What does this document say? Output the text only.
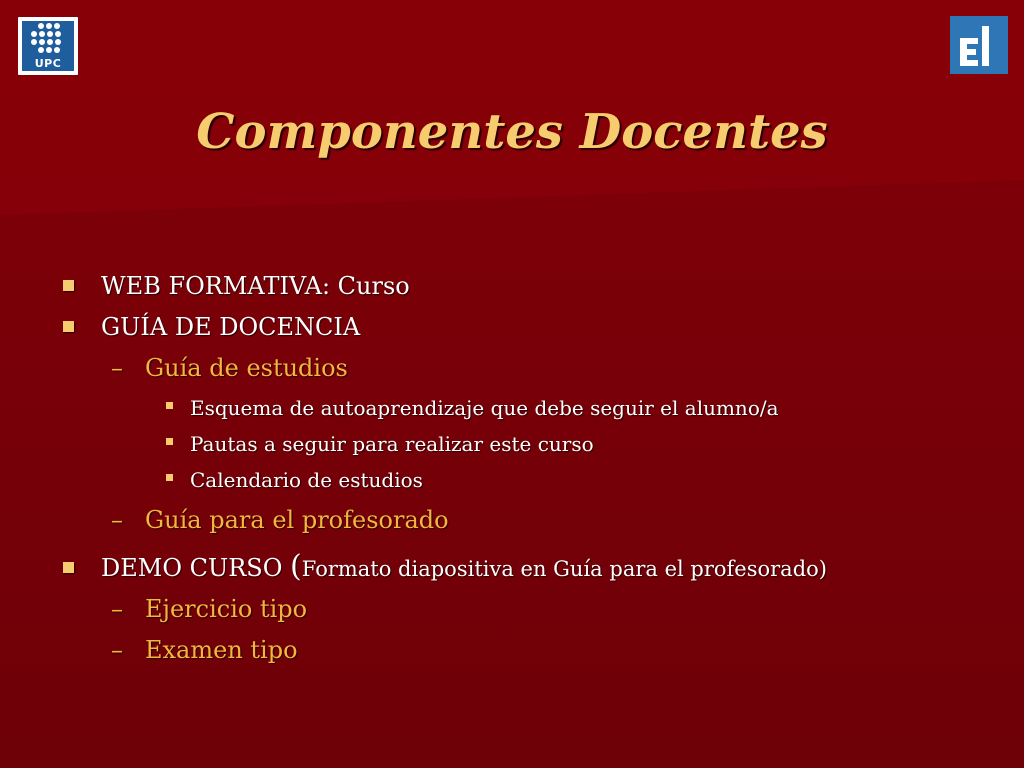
UPC
Componentes Docentes
WEB FORMATIVA: Curso
GUÍA DE DOCENCIA
– Guía de estudios
Esquema de autoaprendizaje que debe seguir el alumno/a
Pautas a seguir para realizar este curso
Calendario de estudios
– Guía para el profesorado
DEMO CURSO (Formato diapositiva en Guía para el profesorado)
– Ejercicio tipo
– Examen tipo
